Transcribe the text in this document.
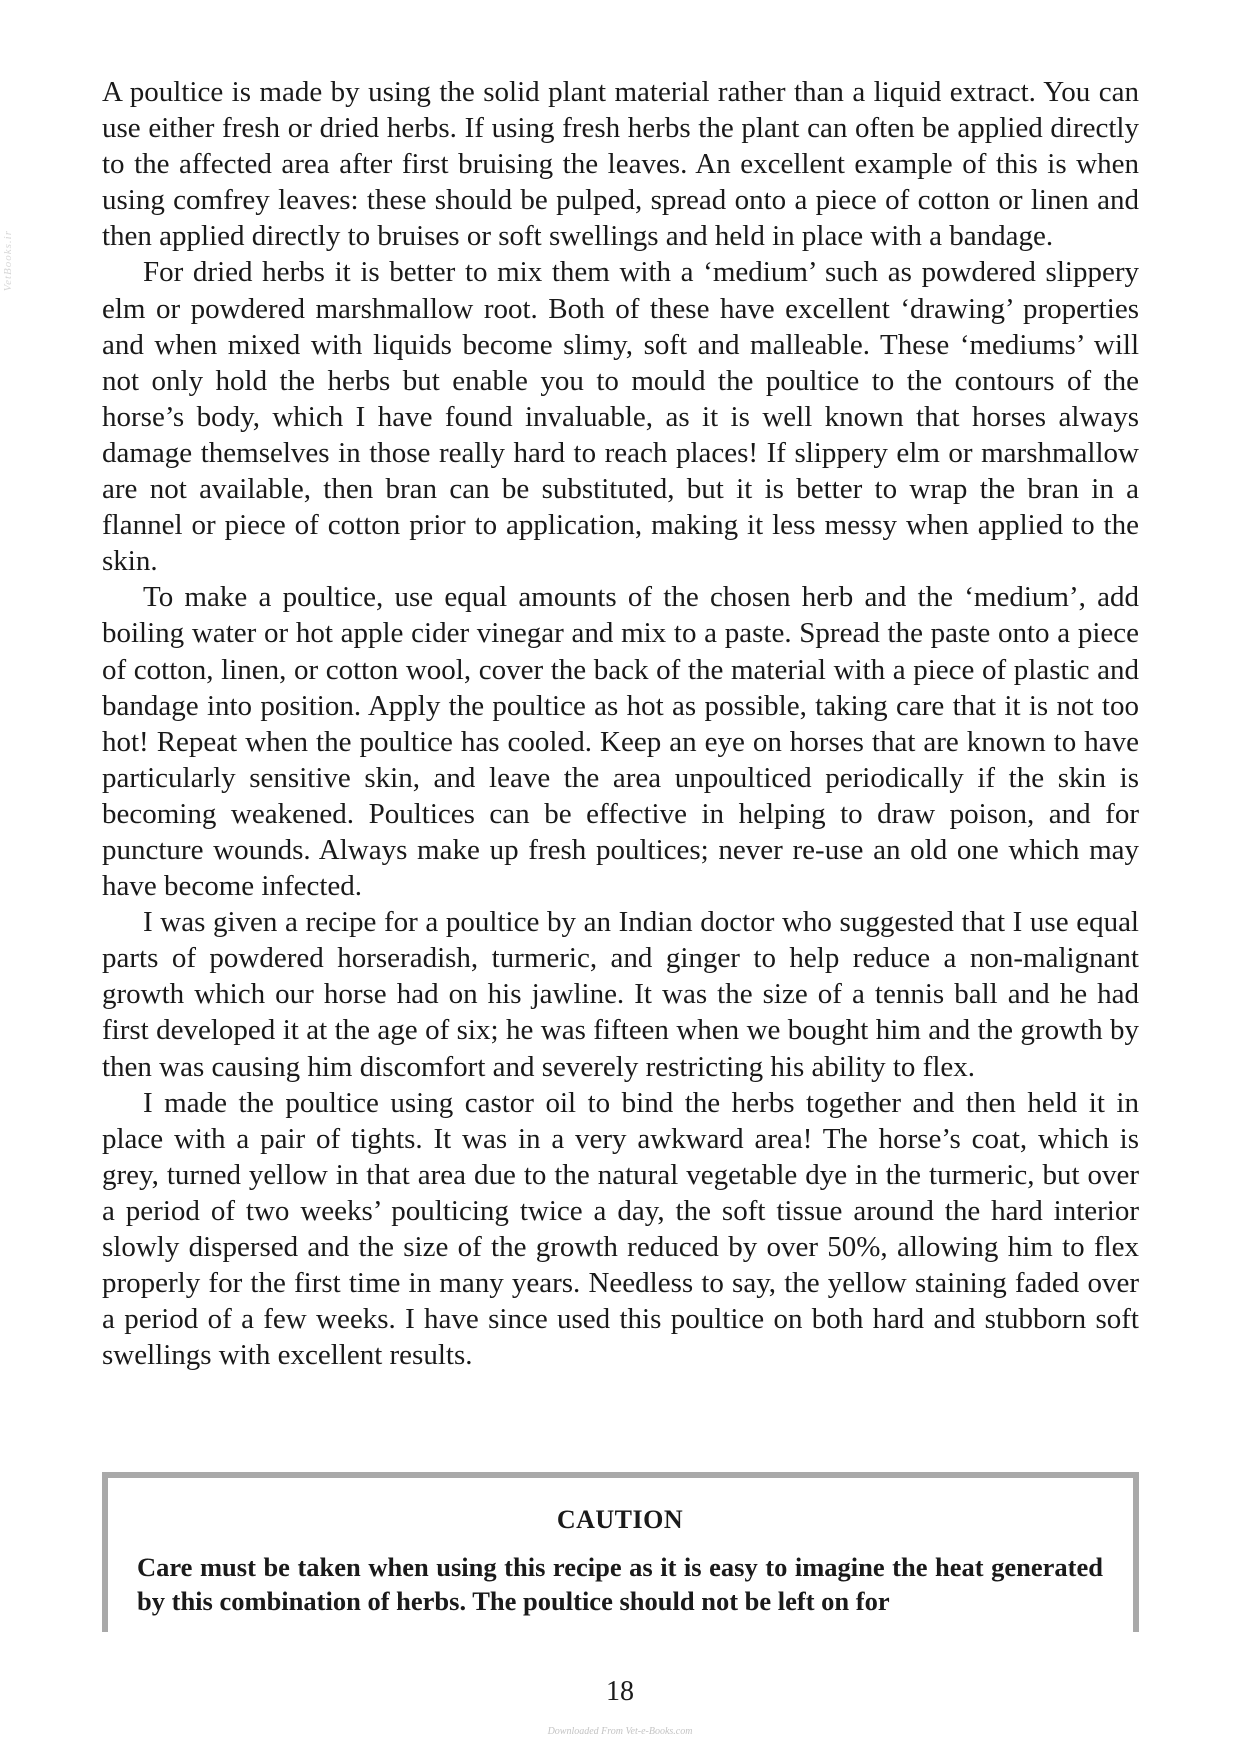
VetBooks.ir

A poultice is made by using the solid plant material rather than a liquid extract. You can use either fresh or dried herbs. If using fresh herbs the plant can often be applied directly to the affected area after first bruising the leaves. An excellent example of this is when using comfrey leaves: these should be pulped, spread onto a piece of cotton or linen and then applied directly to bruises or soft swellings and held in place with a bandage.

For dried herbs it is better to mix them with a ‘medium’ such as powdered slippery elm or powdered marshmallow root. Both of these have excellent ‘drawing’ properties and when mixed with liquids become slimy, soft and malleable. These ‘mediums’ will not only hold the herbs but enable you to mould the poultice to the contours of the horse’s body, which I have found invaluable, as it is well known that horses always damage themselves in those really hard to reach places! If slippery elm or marshmallow are not available, then bran can be substituted, but it is better to wrap the bran in a flannel or piece of cotton prior to application, making it less messy when applied to the skin.

To make a poultice, use equal amounts of the chosen herb and the ‘medium’, add boiling water or hot apple cider vinegar and mix to a paste. Spread the paste onto a piece of cotton, linen, or cotton wool, cover the back of the material with a piece of plastic and bandage into position. Apply the poultice as hot as possible, taking care that it is not too hot! Repeat when the poultice has cooled. Keep an eye on horses that are known to have particularly sensitive skin, and leave the area unpoulticed periodically if the skin is becoming weakened. Poultices can be effective in helping to draw poison, and for puncture wounds. Always make up fresh poultices; never re-use an old one which may have become infected.

I was given a recipe for a poultice by an Indian doctor who suggested that I use equal parts of powdered horseradish, turmeric, and ginger to help reduce a non-malignant growth which our horse had on his jawline. It was the size of a tennis ball and he had first developed it at the age of six; he was fifteen when we bought him and the growth by then was causing him discomfort and severely restricting his ability to flex.

I made the poultice using castor oil to bind the herbs together and then held it in place with a pair of tights. It was in a very awkward area! The horse’s coat, which is grey, turned yellow in that area due to the natural vegetable dye in the turmeric, but over a period of two weeks’ poulticing twice a day, the soft tissue around the hard interior slowly dispersed and the size of the growth reduced by over 50%, allowing him to flex properly for the first time in many years. Needless to say, the yellow staining faded over a period of a few weeks. I have since used this poultice on both hard and stubborn soft swellings with excellent results.

CAUTION

Care must be taken when using this recipe as it is easy to imagine the heat generated by this combination of herbs. The poultice should not be left on for

18
Downloaded From Vet-e-Books.com
